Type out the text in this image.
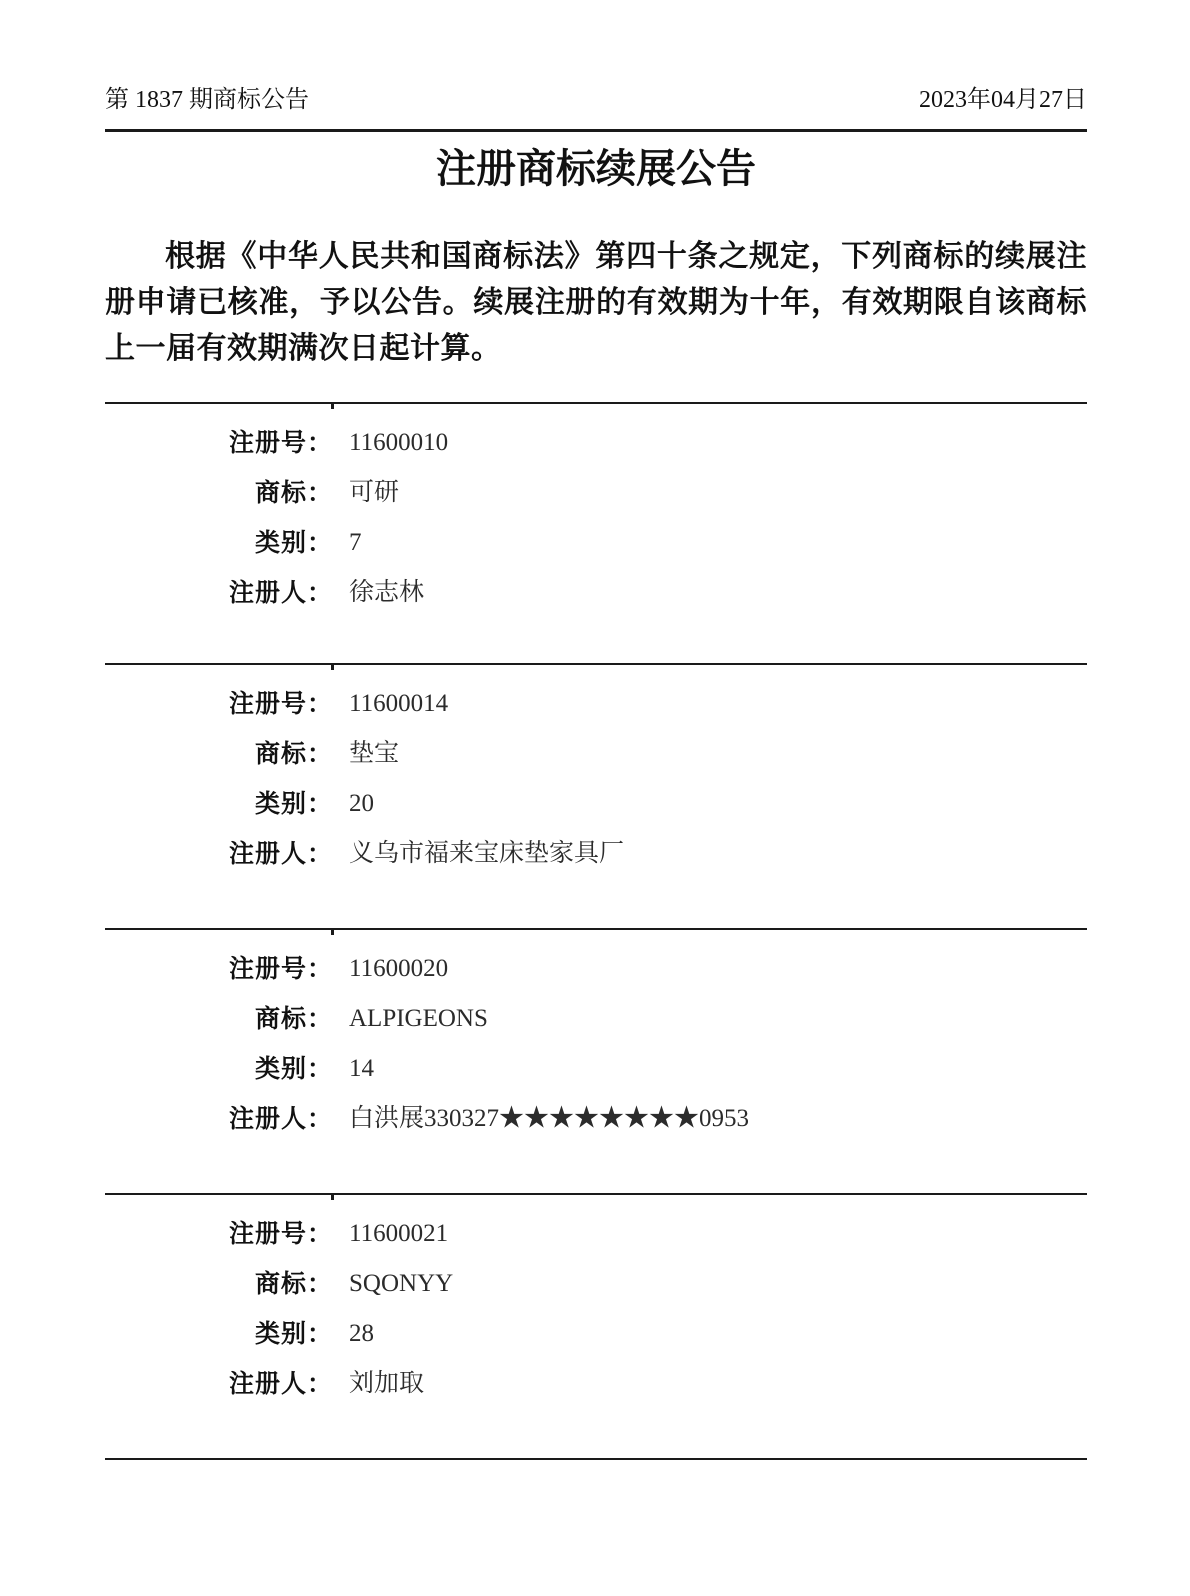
第 1837 期商标公告	2023年04月27日
注册商标续展公告

根据《中华人民共和国商标法》第四十条之规定，下列商标的续展注册申请已核准，予以公告。续展注册的有效期为十年，有效期限自该商标上一届有效期满次日起计算。

注册号： 11600010
商标： 可研
类别： 7
注册人： 徐志林
注册号： 11600014
商标： 垫宝
类别： 20
注册人： 义乌市福来宝床垫家具厂
注册号： 11600020
商标： ALPIGEONS
类别： 14
注册人： 白洪展330327★★★★★★★★0953
注册号： 11600021
商标： SQONYY
类别： 28
注册人： 刘加取
